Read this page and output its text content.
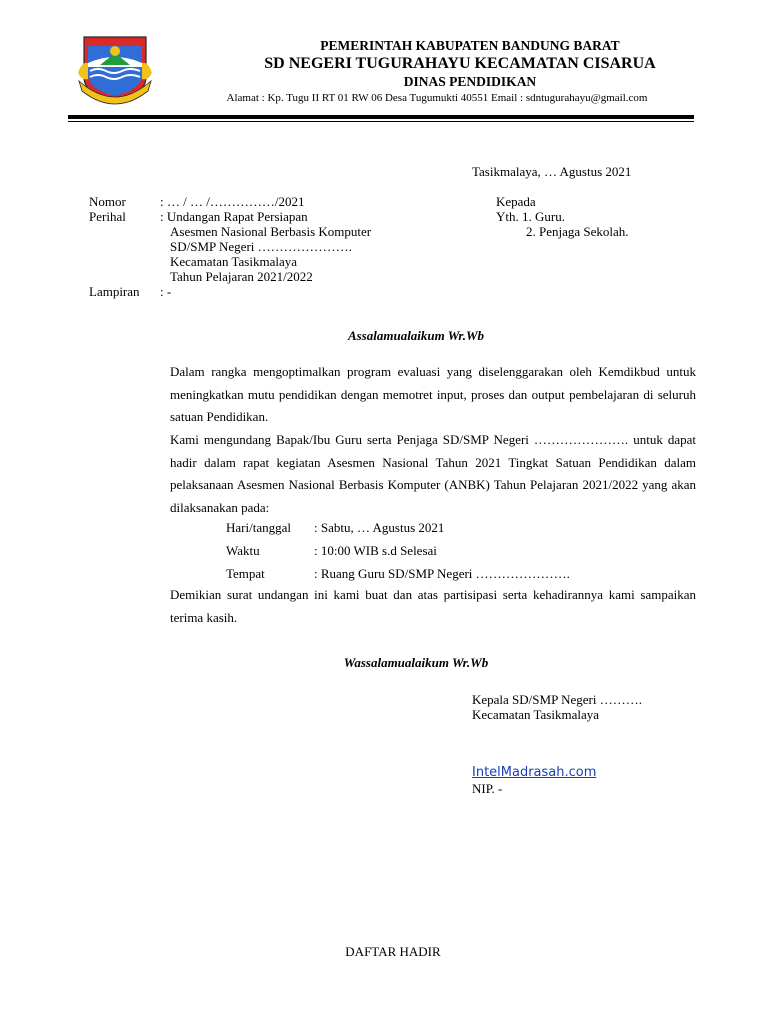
PEMERINTAH KABUPATEN BANDUNG BARAT
SD NEGERI TUGURAHAYU KECAMATAN CISARUA
DINAS PENDIDIKAN
Alamat : Kp. Tugu II RT 01 RW 06 Desa Tugumukti 40551 Email : sdntugurahayu@gmail.com
Tasikmalaya, … Agustus 2021
Nomor	: … / … /……………/2021
Perihal	: Undangan Rapat Persiapan
Asesmen Nasional Berbasis Komputer
SD/SMP Negeri ………………….
Kecamatan Tasikmalaya
Tahun Pelajaran 2021/2022
Lampiran : -
Kepada
Yth. 1. Guru.
2. Penjaga Sekolah.
Assalamualaikum Wr.Wb
Dalam rangka mengoptimalkan program evaluasi yang diselenggarakan oleh Kemdikbud untuk meningkatkan mutu pendidikan dengan memotret input, proses dan output pembelajaran di seluruh satuan Pendidikan.
Kami mengundang Bapak/Ibu Guru serta Penjaga SD/SMP Negeri …………………. untuk dapat hadir dalam rapat kegiatan Asesmen Nasional Tahun 2021 Tingkat Satuan Pendidikan dalam pelaksanaan Asesmen Nasional Berbasis Komputer (ANBK) Tahun Pelajaran 2021/2022 yang akan dilaksanakan pada:
Hari/tanggal : Sabtu, … Agustus 2021
Waktu	: 10:00 WIB s.d Selesai
Tempat	: Ruang Guru SD/SMP Negeri ………………….
Demikian surat undangan ini kami buat dan atas partisipasi serta kehadirannya kami sampaikan terima kasih.
Wassalamualaikum Wr.Wb
Kepala SD/SMP Negeri ……….
Kecamatan Tasikmalaya
IntelMadrasah.com
NIP. -
DAFTAR HADIR
